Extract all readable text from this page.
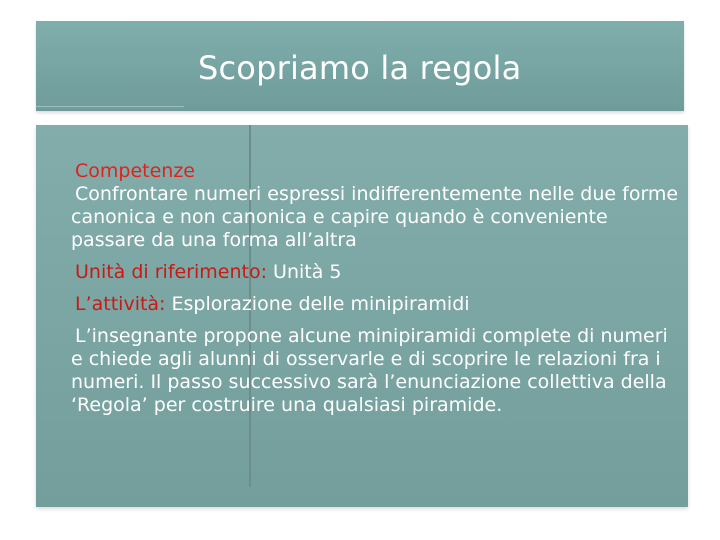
Scopriamo la regola

Competenze

Confrontare numeri espressi indifferentemente nelle due forme canonica e non canonica e capire quando è conveniente passare da una forma all’altra

Unità di riferimento: Unità 5

L’attività: Esplorazione delle minipiramidi

L’insegnante propone alcune minipiramidi complete di numeri e chiede agli alunni di osservarle e di scoprire le relazioni fra i numeri. Il passo successivo sarà l’enunciazione collettiva della ‘Regola’ per costruire una qualsiasi piramide.
